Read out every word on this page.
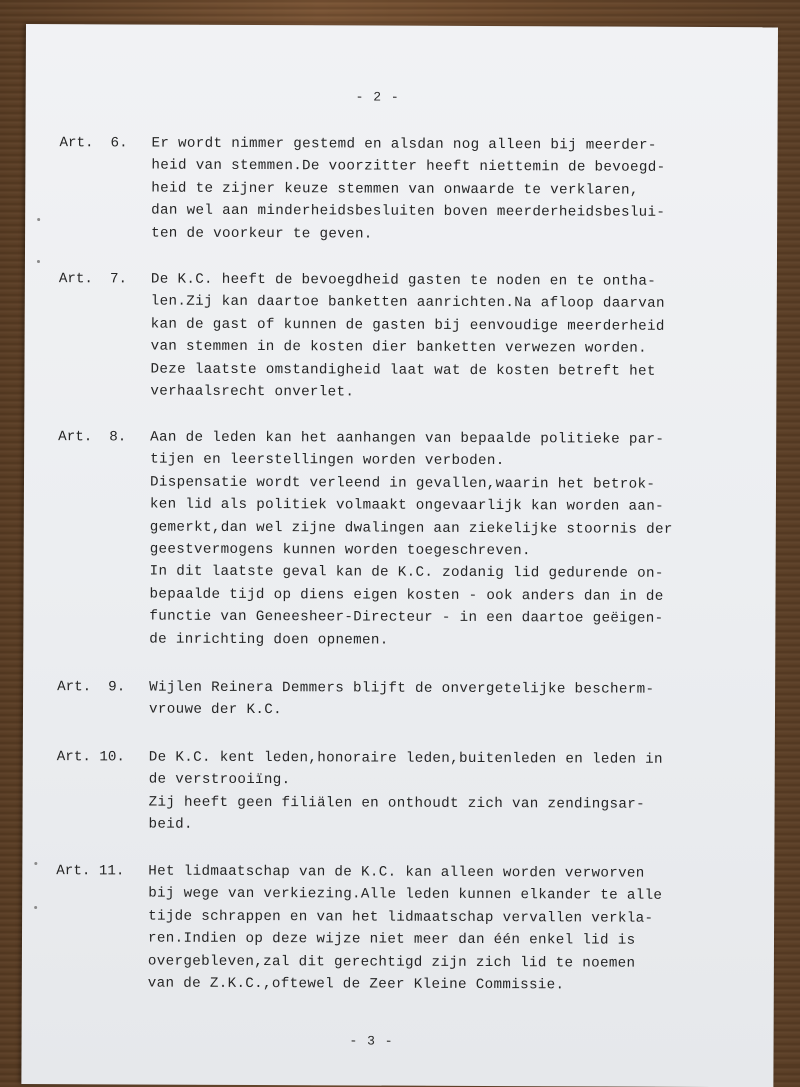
- 2 -
Art.  6. Er wordt nimmer gestemd en alsdan nog alleen bij meerder-
heid van stemmen.De voorzitter heeft niettemin de bevoegd-
heid te zijner keuze stemmen van onwaarde te verklaren,
dan wel aan minderheidsbesluiten boven meerderheidsbeslui-
ten de voorkeur te geven.
Art.  7. De K.C. heeft de bevoegdheid gasten te noden en te ontha-
len.Zij kan daartoe banketten aanrichten.Na afloop daarvan
kan de gast of kunnen de gasten bij eenvoudige meerderheid
van stemmen in de kosten dier banketten verwezen worden.
Deze laatste omstandigheid laat wat de kosten betreft het
verhaalsrecht onverlet.
Art.  8. Aan de leden kan het aanhangen van bepaalde politieke par-
tijen en leerstellingen worden verboden.
Dispensatie wordt verleend in gevallen,waarin het betrok-
ken lid als politiek volmaakt ongevaarlijk kan worden aan-
gemerkt,dan wel zijne dwalingen aan ziekelijke stoornis der
geestvermogens kunnen worden toegeschreven.
In dit laatste geval kan de K.C. zodanig lid gedurende on-
bepaalde tijd op diens eigen kosten - ook anders dan in de
functie van Geneesheer-Directeur - in een daartoe geëigen-
de inrichting doen opnemen.
Art.  9. Wijlen Reinera Demmers blijft de onvergetelijke bescherm-
vrouwe der K.C.
Art. 10. De K.C. kent leden,honoraire leden,buitenleden en leden in
de verstrooiïng.
Zij heeft geen filiälen en onthoudt zich van zendingsar-
beid.
Art. 11. Het lidmaatschap van de K.C. kan alleen worden verworven
bij wege van verkiezing.Alle leden kunnen elkander te alle
tijde schrappen en van het lidmaatschap vervallen verkla-
ren.Indien op deze wijze niet meer dan één enkel lid is
overgebleven,zal dit gerechtigd zijn zich lid te noemen
van de Z.K.C.,oftewel de Zeer Kleine Commissie.
- 3 -
